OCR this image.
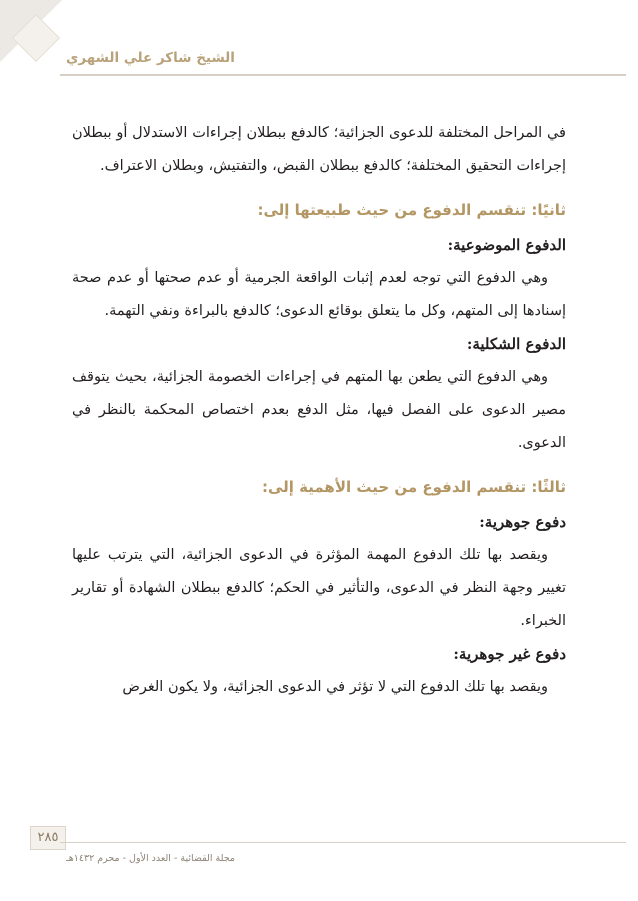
الشيخ شاكر علي الشهري

في المراحل المختلفة للدعوى الجزائية؛ كالدفع ببطلان إجراءات الاستدلال أو ببطلان إجراءات التحقيق المختلفة؛ كالدفع ببطلان القبض، والتفتيش، وبطلان الاعتراف.

ثانيًا: تنقسم الدفوع من حيث طبيعتها إلى:
الدفوع الموضوعية:

وهي الدفوع التي توجه لعدم إثبات الواقعة الجرمية أو عدم صحتها أو عدم صحة إسنادها إلى المتهم، وكل ما يتعلق بوقائع الدعوى؛ كالدفع بالبراءة ونفي التهمة.

الدفوع الشكلية:

وهي الدفوع التي يطعن بها المتهم في إجراءات الخصومة الجزائية، بحيث يتوقف مصير الدعوى على الفصل فيها، مثل الدفع بعدم اختصاص المحكمة بالنظر في الدعوى.

ثالثًا: تنقسم الدفوع من حيث الأهمية إلى:
دفوع جوهرية:

ويقصد بها تلك الدفوع المهمة المؤثرة في الدعوى الجزائية، التي يترتب عليها تغيير وجهة النظر في الدعوى، والتأثير في الحكم؛ كالدفع ببطلان الشهادة أو تقارير الخبراء.

دفوع غير جوهرية:

ويقصد بها تلك الدفوع التي لا تؤثر في الدعوى الجزائية، ولا يكون الغرض

٢٨٥
مجلة القضائية - العدد الأول - محرم ١٤٣٢هـ
